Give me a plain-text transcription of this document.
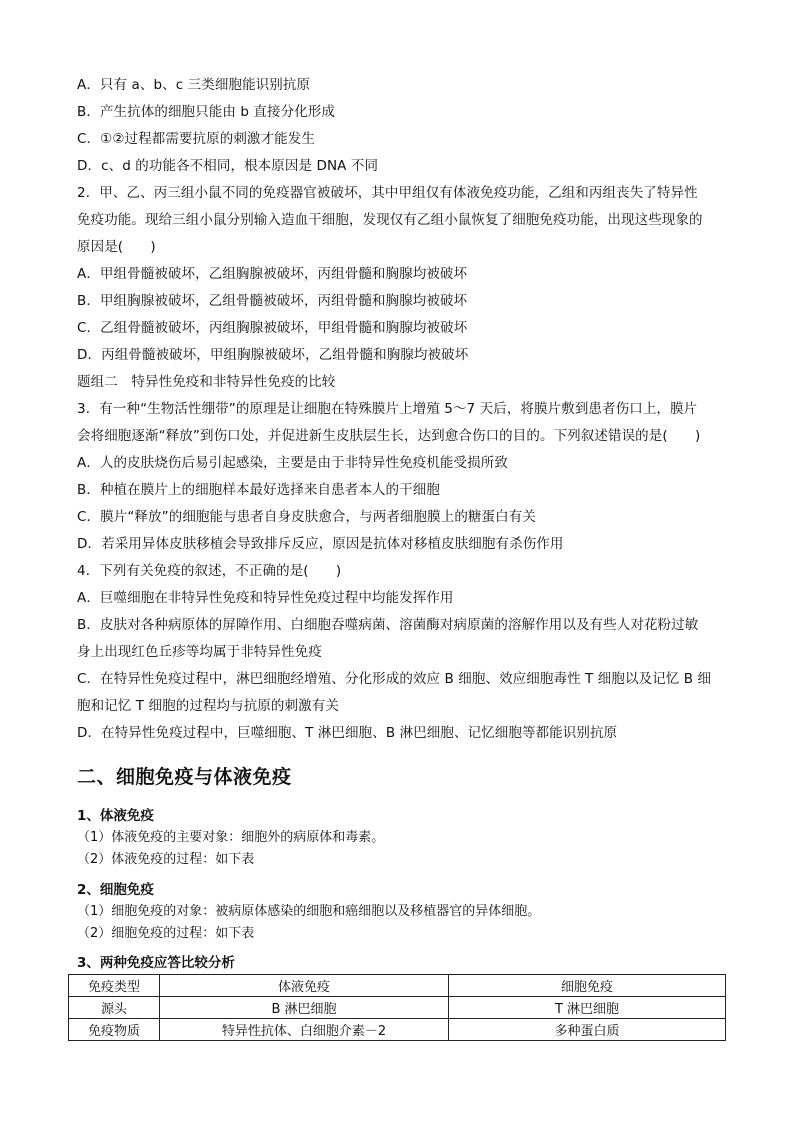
A．只有 a、b、c 三类细胞能识别抗原
B．产生抗体的细胞只能由 b 直接分化形成
C．①②过程都需要抗原的刺激才能发生
D．c、d 的功能各不相同，根本原因是 DNA 不同
2．甲、乙、丙三组小鼠不同的免疫器官被破坏，其中甲组仅有体液免疫功能，乙组和丙组丧失了特异性
免疫功能。现给三组小鼠分别输入造血干细胞，发现仅有乙组小鼠恢复了细胞免疫功能，出现这些现象的
原因是(　　)
A．甲组骨髓被破坏，乙组胸腺被破坏，丙组骨髓和胸腺均被破坏
B．甲组胸腺被破坏，乙组骨髓被破坏，丙组骨髓和胸腺均被破坏
C．乙组骨髓被破坏，丙组胸腺被破坏，甲组骨髓和胸腺均被破坏
D．丙组骨髓被破坏，甲组胸腺被破坏，乙组骨髓和胸腺均被破坏
题组二　特异性免疫和非特异性免疫的比较
3．有一种“生物活性绷带”的原理是让细胞在特殊膜片上增殖 5～7 天后，将膜片敷到患者伤口上，膜片
会将细胞逐渐“释放”到伤口处，并促进新生皮肤层生长，达到愈合伤口的目的。下列叙述错误的是(　　)
A．人的皮肤烧伤后易引起感染，主要是由于非特异性免疫机能受损所致
B．种植在膜片上的细胞样本最好选择来自患者本人的干细胞
C．膜片“释放”的细胞能与患者自身皮肤愈合，与两者细胞膜上的糖蛋白有关
D．若采用异体皮肤移植会导致排斥反应，原因是抗体对移植皮肤细胞有杀伤作用
4．下列有关免疫的叙述，不正确的是(　　)
A．巨噬细胞在非特异性免疫和特异性免疫过程中均能发挥作用
B．皮肤对各种病原体的屏障作用、白细胞吞噬病菌、溶菌酶对病原菌的溶解作用以及有些人对花粉过敏
身上出现红色丘疹等均属于非特异性免疫
C．在特异性免疫过程中，淋巴细胞经增殖、分化形成的效应 B 细胞、效应细胞毒性 T 细胞以及记忆 B 细
胞和记忆 T 细胞的过程均与抗原的刺激有关
D．在特异性免疫过程中，巨噬细胞、T 淋巴细胞、B 淋巴细胞、记忆细胞等都能识别抗原
二、细胞免疫与体液免疫
1、体液免疫
（1）体液免疫的主要对象：细胞外的病原体和毒素。
（2）体液免疫的过程：如下表
2、细胞免疫
（1）细胞免疫的对象：被病原体感染的细胞和癌细胞以及移植器官的异体细胞。
（2）细胞免疫的过程：如下表
3、两种免疫应答比较分析
免疫类型	体液免疫	细胞免疫
源头	B 淋巴细胞	T 淋巴细胞
免疫物质	特异性抗体、白细胞介素－2	多种蛋白质
